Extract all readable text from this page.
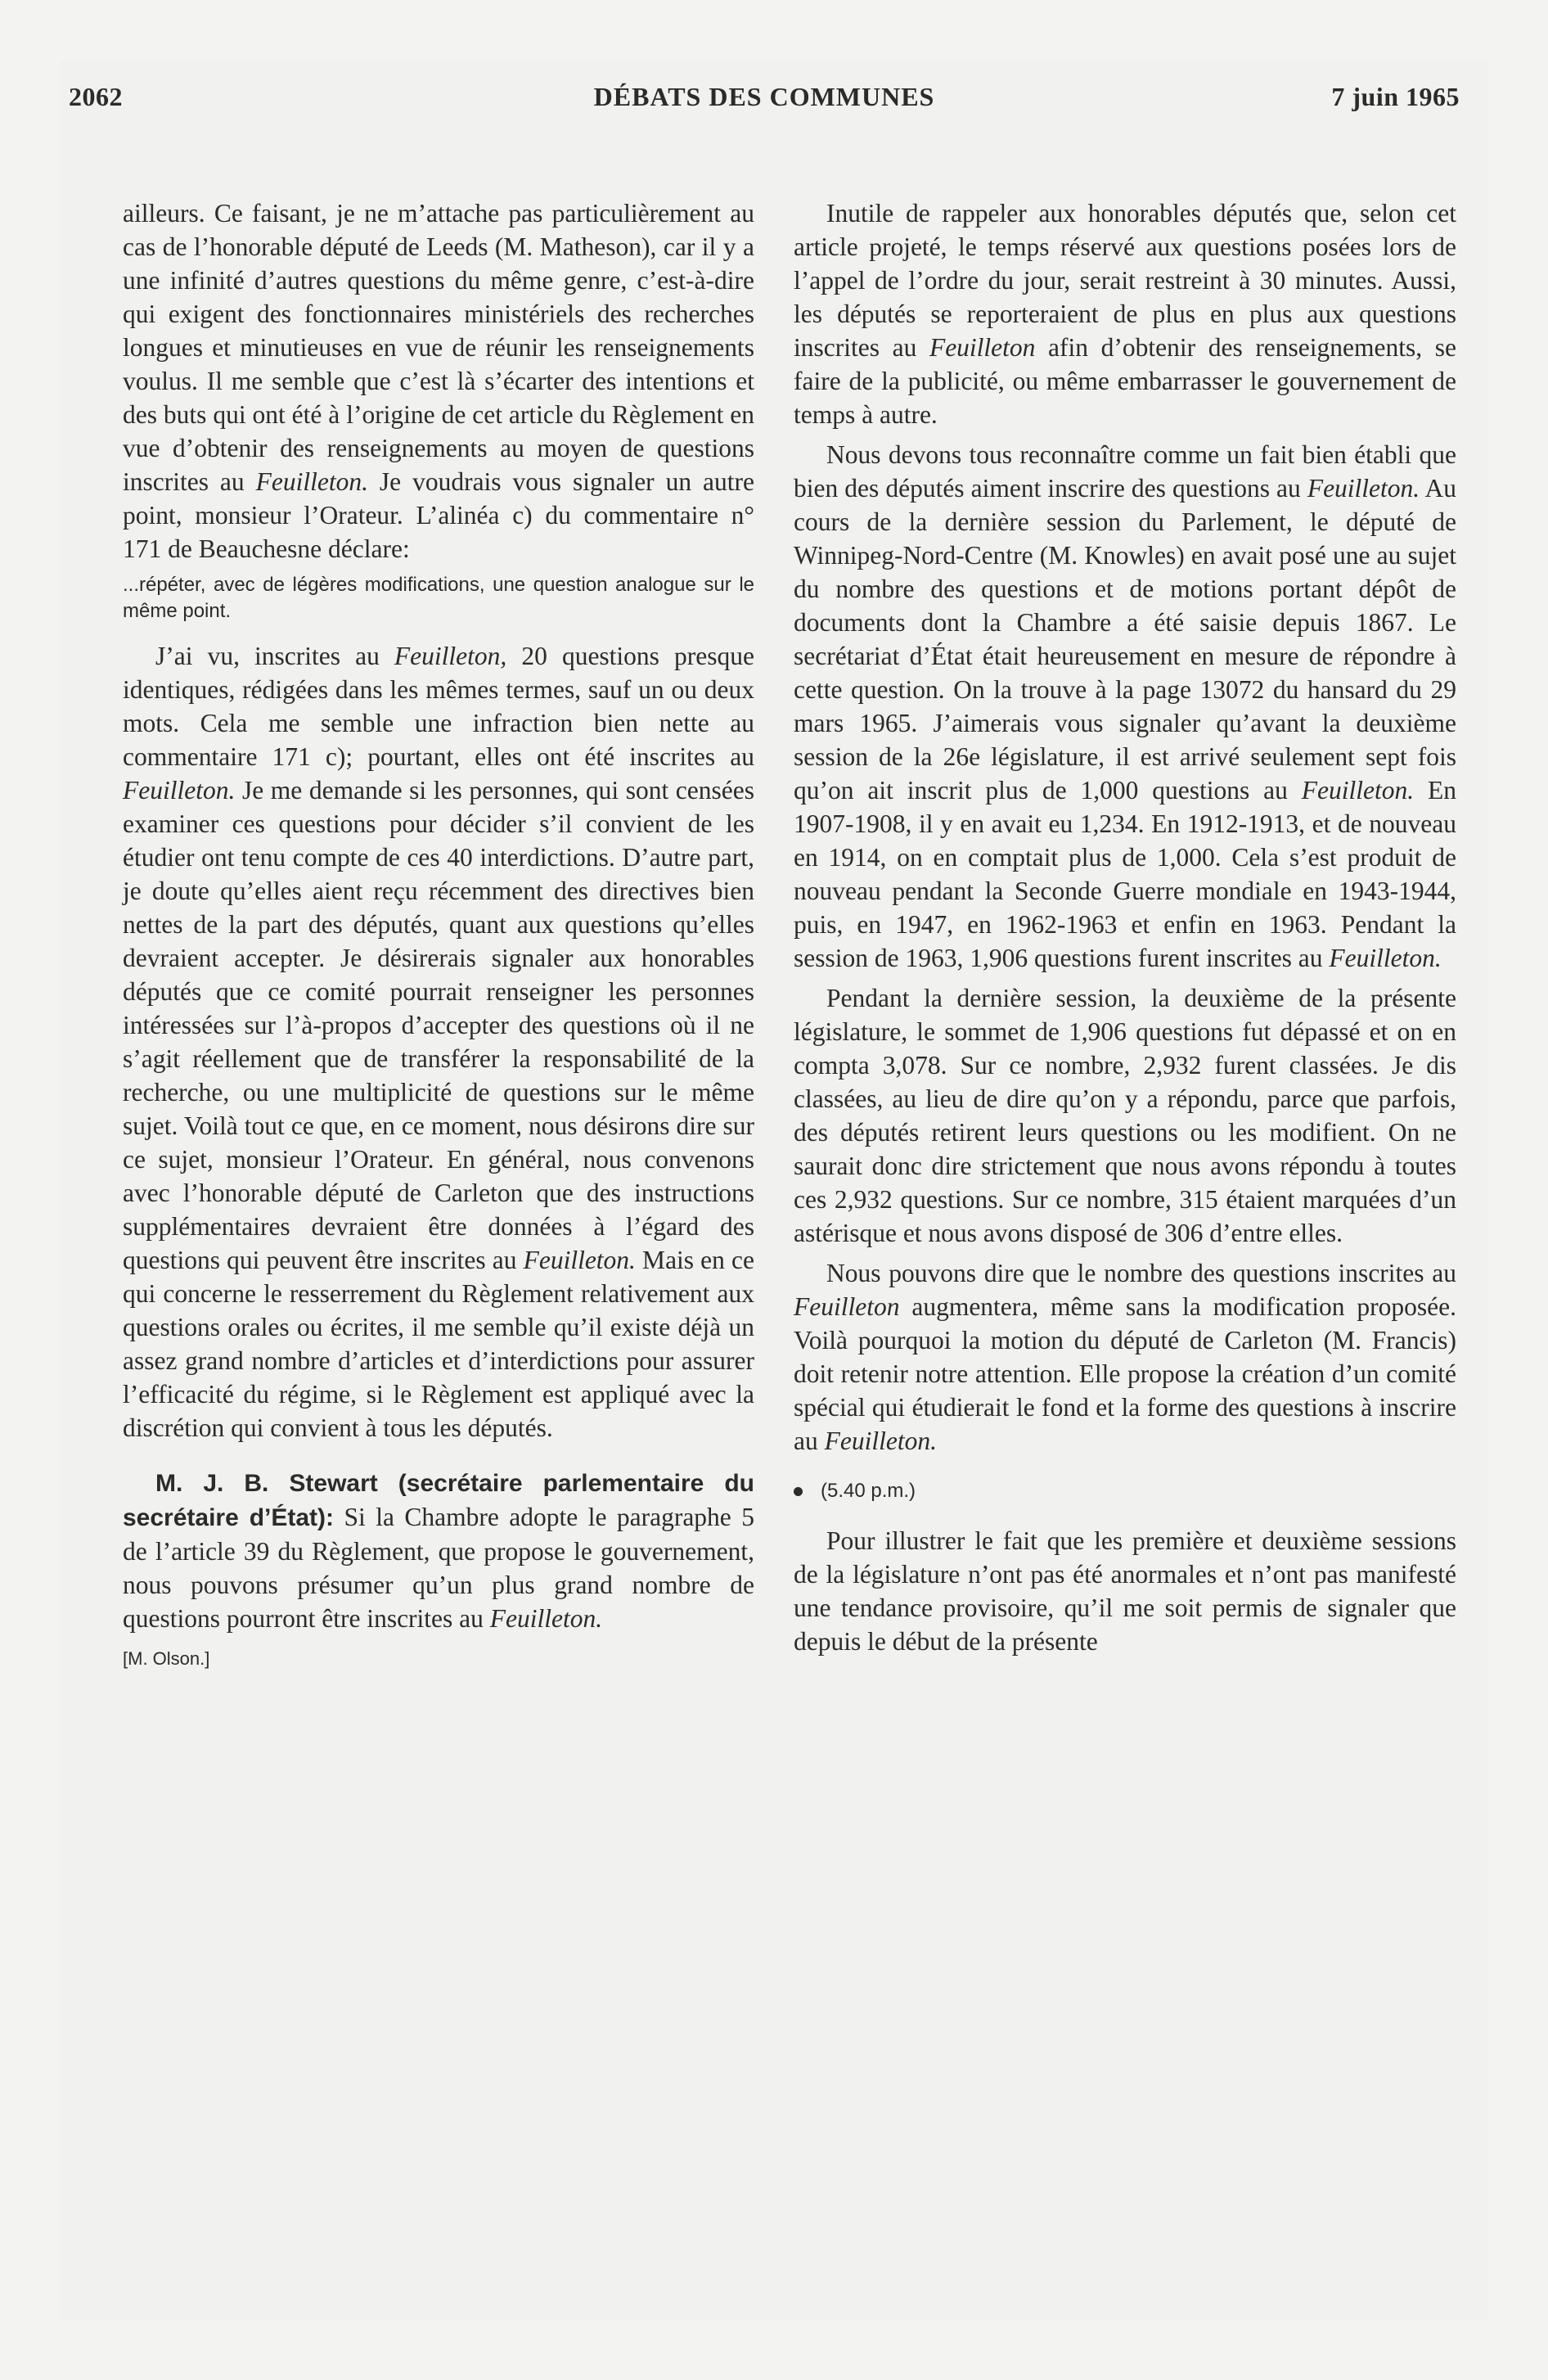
2062	DÉBATS DES COMMUNES	7 juin 1965

ailleurs. Ce faisant, je ne m’attache pas particulièrement au cas de l’honorable député de Leeds (M. Matheson), car il y a une infinité d’autres questions du même genre, c’est-à-dire qui exigent des fonctionnaires ministériels des recherches longues et minutieuses en vue de réunir les renseignements voulus. Il me semble que c’est là s’écarter des intentions et des buts qui ont été à l’origine de cet article du Règlement en vue d’obtenir des renseignements au moyen de questions inscrites au Feuilleton. Je voudrais vous signaler un autre point, monsieur l’Orateur. L’alinéa c) du commentaire n° 171 de Beauchesne déclare:

...répéter, avec de légères modifications, une question analogue sur le même point.

J’ai vu, inscrites au Feuilleton, 20 questions presque identiques, rédigées dans les mêmes termes, sauf un ou deux mots. Cela me semble une infraction bien nette au commentaire 171 c); pourtant, elles ont été inscrites au Feuilleton. Je me demande si les personnes, qui sont censées examiner ces questions pour décider s’il convient de les étudier ont tenu compte de ces 40 interdictions. D’autre part, je doute qu’elles aient reçu récemment des directives bien nettes de la part des députés, quant aux questions qu’elles devraient accepter. Je désirerais signaler aux honorables députés que ce comité pourrait renseigner les personnes intéressées sur l’à-propos d’accepter des questions où il ne s’agit réellement que de transférer la responsabilité de la recherche, ou une multiplicité de questions sur le même sujet. Voilà tout ce que, en ce moment, nous désirons dire sur ce sujet, monsieur l’Orateur. En général, nous convenons avec l’honorable député de Carleton que des instructions supplémentaires devraient être données à l’égard des questions qui peuvent être inscrites au Feuilleton. Mais en ce qui concerne le resserrement du Règlement relativement aux questions orales ou écrites, il me semble qu’il existe déjà un assez grand nombre d’articles et d’interdictions pour assurer l’efficacité du régime, si le Règlement est appliqué avec la discrétion qui convient à tous les députés.

M. J. B. Stewart (secrétaire parlementaire du secrétaire d’État): Si la Chambre adopte le paragraphe 5 de l’article 39 du Règlement, que propose le gouvernement, nous pouvons présumer qu’un plus grand nombre de questions pourront être inscrites au Feuilleton.

[M. Olson.]

Inutile de rappeler aux honorables députés que, selon cet article projeté, le temps réservé aux questions posées lors de l’appel de l’ordre du jour, serait restreint à 30 minutes. Aussi, les députés se reporteraient de plus en plus aux questions inscrites au Feuilleton afin d’obtenir des renseignements, se faire de la publicité, ou même embarrasser le gouvernement de temps à autre.

Nous devons tous reconnaître comme un fait bien établi que bien des députés aiment inscrire des questions au Feuilleton. Au cours de la dernière session du Parlement, le député de Winnipeg-Nord-Centre (M. Knowles) en avait posé une au sujet du nombre des questions et de motions portant dépôt de documents dont la Chambre a été saisie depuis 1867. Le secrétariat d’État était heureusement en mesure de répondre à cette question. On la trouve à la page 13072 du hansard du 29 mars 1965. J’aimerais vous signaler qu’avant la deuxième session de la 26e législature, il est arrivé seulement sept fois qu’on ait inscrit plus de 1,000 questions au Feuilleton. En 1907-1908, il y en avait eu 1,234. En 1912-1913, et de nouveau en 1914, on en comptait plus de 1,000. Cela s’est produit de nouveau pendant la Seconde Guerre mondiale en 1943-1944, puis, en 1947, en 1962-1963 et enfin en 1963. Pendant la session de 1963, 1,906 questions furent inscrites au Feuilleton.

Pendant la dernière session, la deuxième de la présente législature, le sommet de 1,906 questions fut dépassé et on en compta 3,078. Sur ce nombre, 2,932 furent classées. Je dis classées, au lieu de dire qu’on y a répondu, parce que parfois, des députés retirent leurs questions ou les modifient. On ne saurait donc dire strictement que nous avons répondu à toutes ces 2,932 questions. Sur ce nombre, 315 étaient marquées d’un astérisque et nous avons disposé de 306 d’entre elles.

Nous pouvons dire que le nombre des questions inscrites au Feuilleton augmentera, même sans la modification proposée. Voilà pourquoi la motion du député de Carleton (M. Francis) doit retenir notre attention. Elle propose la création d’un comité spécial qui étudierait le fond et la forme des questions à inscrire au Feuilleton.

(5.40 p.m.)

Pour illustrer le fait que les première et deuxième sessions de la législature n’ont pas été anormales et n’ont pas manifesté une tendance provisoire, qu’il me soit permis de signaler que depuis le début de la présente
